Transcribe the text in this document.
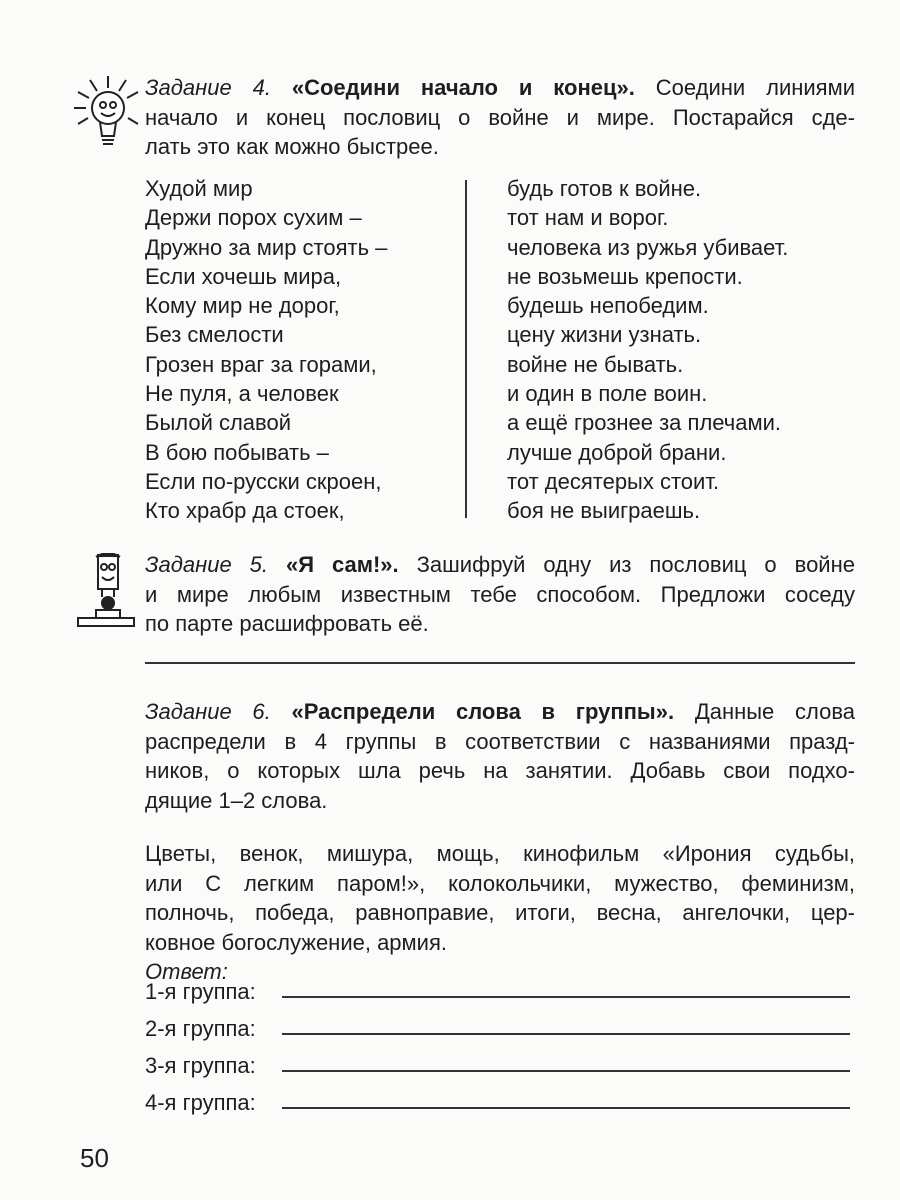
Задание 4. «Соедини начало и конец». Соедини линиями
начало и конец пословиц о войне и мире. Постарайся сде-
лать это как можно быстрее.
Худой мир
Держи порох сухим –
Дружно за мир стоять –
Если хочешь мира,
Кому мир не дорог,
Без смелости
Грозен враг за горами,
Не пуля, а человек
Былой славой
В бою побывать –
Если по-русски скроен,
Кто храбр да стоек,
будь готов к войне.
тот нам и ворог.
человека из ружья убивает.
не возьмешь крепости.
будешь непобедим.
цену жизни узнать.
войне не бывать.
и один в поле воин.
а ещё грознее за плечами.
лучше доброй брани.
тот десятерых стоит.
боя не выиграешь.
Задание 5. «Я сам!». Зашифруй одну из пословиц о войне
и мире любым известным тебе способом. Предложи соседу
по парте расшифровать её.
Задание 6. «Распредели слова в группы». Данные слова
распредели в 4 группы в соответствии с названиями празд-
ников, о которых шла речь на занятии. Добавь свои подхо-
дящие 1–2 слова.
Цветы, венок, мишура, мощь, кинофильм «Ирония судьбы,
или С легким паром!», колокольчики, мужество, феминизм,
полночь, победа, равноправие, итоги, весна, ангелочки, цер-
ковное богослужение, армия.
Ответ:
1-я группа:
2-я группа:
3-я группа:
4-я группа:
50
